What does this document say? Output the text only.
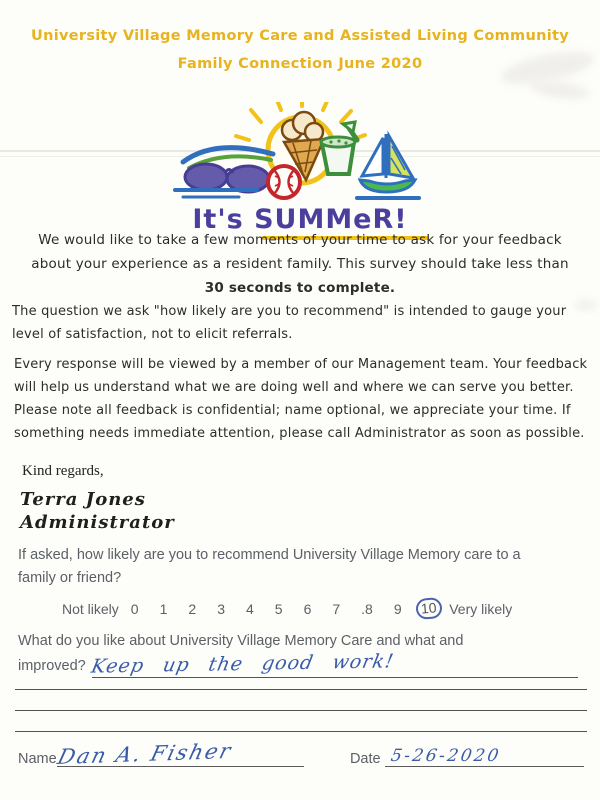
University Village Memory Care and Assisted Living Community
Family Connection June 2020
It's SUMMeR!

We would like to take a few moments of your time to ask for your feedback
about your experience as a resident family. This survey should take less than
30 seconds to complete.

The question we ask "how likely are you to recommend" is intended to gauge your level of satisfaction, not to elicit referrals.

Every response will be viewed by a member of our Management team. Your feedback will help us understand what we are doing well and where we can serve you better. Please note all feedback is confidential; name optional, we appreciate your time. If something needs immediate attention, please call Administrator as soon as possible.

Kind regards,

Terra Jones

Administrator

If asked, how likely are you to recommend University Village Memory care to a family or friend?

Not likely 0 1 2 3 4 5 6 7 .8 9	10 Very likely
What do you like about University Village Memory Care and what and

improved? Keep up the good work!
Name
Dan A. Fisher	Date 5-26-2020
